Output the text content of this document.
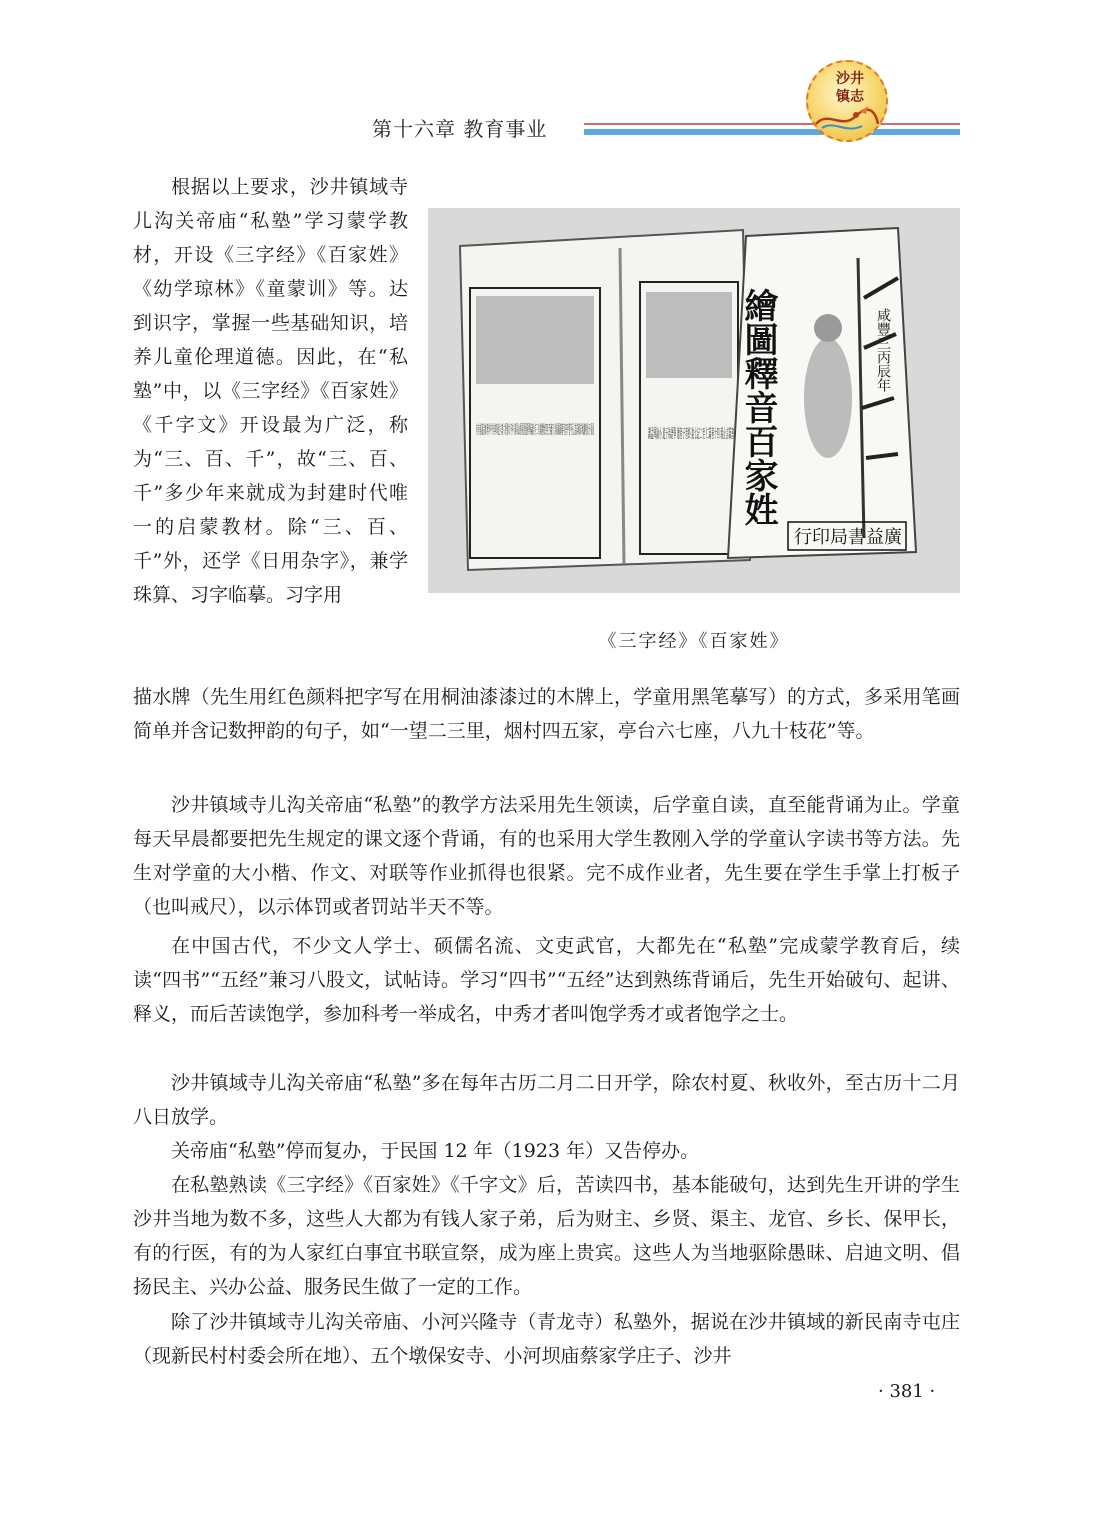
第十六章 教育事业
沙井镇志

根据以上要求，沙井镇域寺儿沟关帝庙“私塾”学习蒙学教材，开设《三字经》《百家姓》《幼学琼林》《童蒙训》等。达到识字，掌握一些基础知识，培养儿童伦理道德。因此，在“私塾”中，以《三字经》《百家姓》《千字文》开设最为广泛，称为“三、百、千”，故“三、百、千”多少年来就成为封建时代唯一的启蒙教材。除“三、百、千”外，还学《日用杂字》，兼学珠算、习字临摹。习字用

繪圖釋音百家姓	咸豐三丙辰年
行印局書益廣
《三字经》《百家姓》

描水牌（先生用红色颜料把字写在用桐油漆漆过的木牌上，学童用黑笔摹写）的方式，多采用笔画简单并含记数押韵的句子，如“一望二三里，烟村四五家，亭台六七座，八九十枝花”等。

沙井镇域寺儿沟关帝庙“私塾”的教学方法采用先生领读，后学童自读，直至能背诵为止。学童每天早晨都要把先生规定的课文逐个背诵，有的也采用大学生教刚入学的学童认字读书等方法。先生对学童的大小楷、作文、对联等作业抓得也很紧。完不成作业者，先生要在学生手掌上打板子（也叫戒尺），以示体罚或者罚站半天不等。

在中国古代，不少文人学士、硕儒名流、文吏武官，大都先在“私塾”完成蒙学教育后，续读“四书”“五经”兼习八股文，试帖诗。学习“四书”“五经”达到熟练背诵后，先生开始破句、起讲、释义，而后苦读饱学，参加科考一举成名，中秀才者叫饱学秀才或者饱学之士。

沙井镇域寺儿沟关帝庙“私塾”多在每年古历二月二日开学，除农村夏、秋收外，至古历十二月八日放学。

关帝庙“私塾”停而复办，于民国 12 年（1923 年）又告停办。

在私塾熟读《三字经》《百家姓》《千字文》后，苦读四书，基本能破句，达到先生开讲的学生沙井当地为数不多，这些人大都为有钱人家子弟，后为财主、乡贤、渠主、龙官、乡长、保甲长，有的行医，有的为人家红白事宜书联宣祭，成为座上贵宾。这些人为当地驱除愚昧、启迪文明、倡扬民主、兴办公益、服务民生做了一定的工作。

除了沙井镇域寺儿沟关帝庙、小河兴隆寺（青龙寺）私塾外，据说在沙井镇域的新民南寺屯庄（现新民村村委会所在地）、五个墩保安寺、小河坝庙蔡家学庄子、沙井

· 381 ·
